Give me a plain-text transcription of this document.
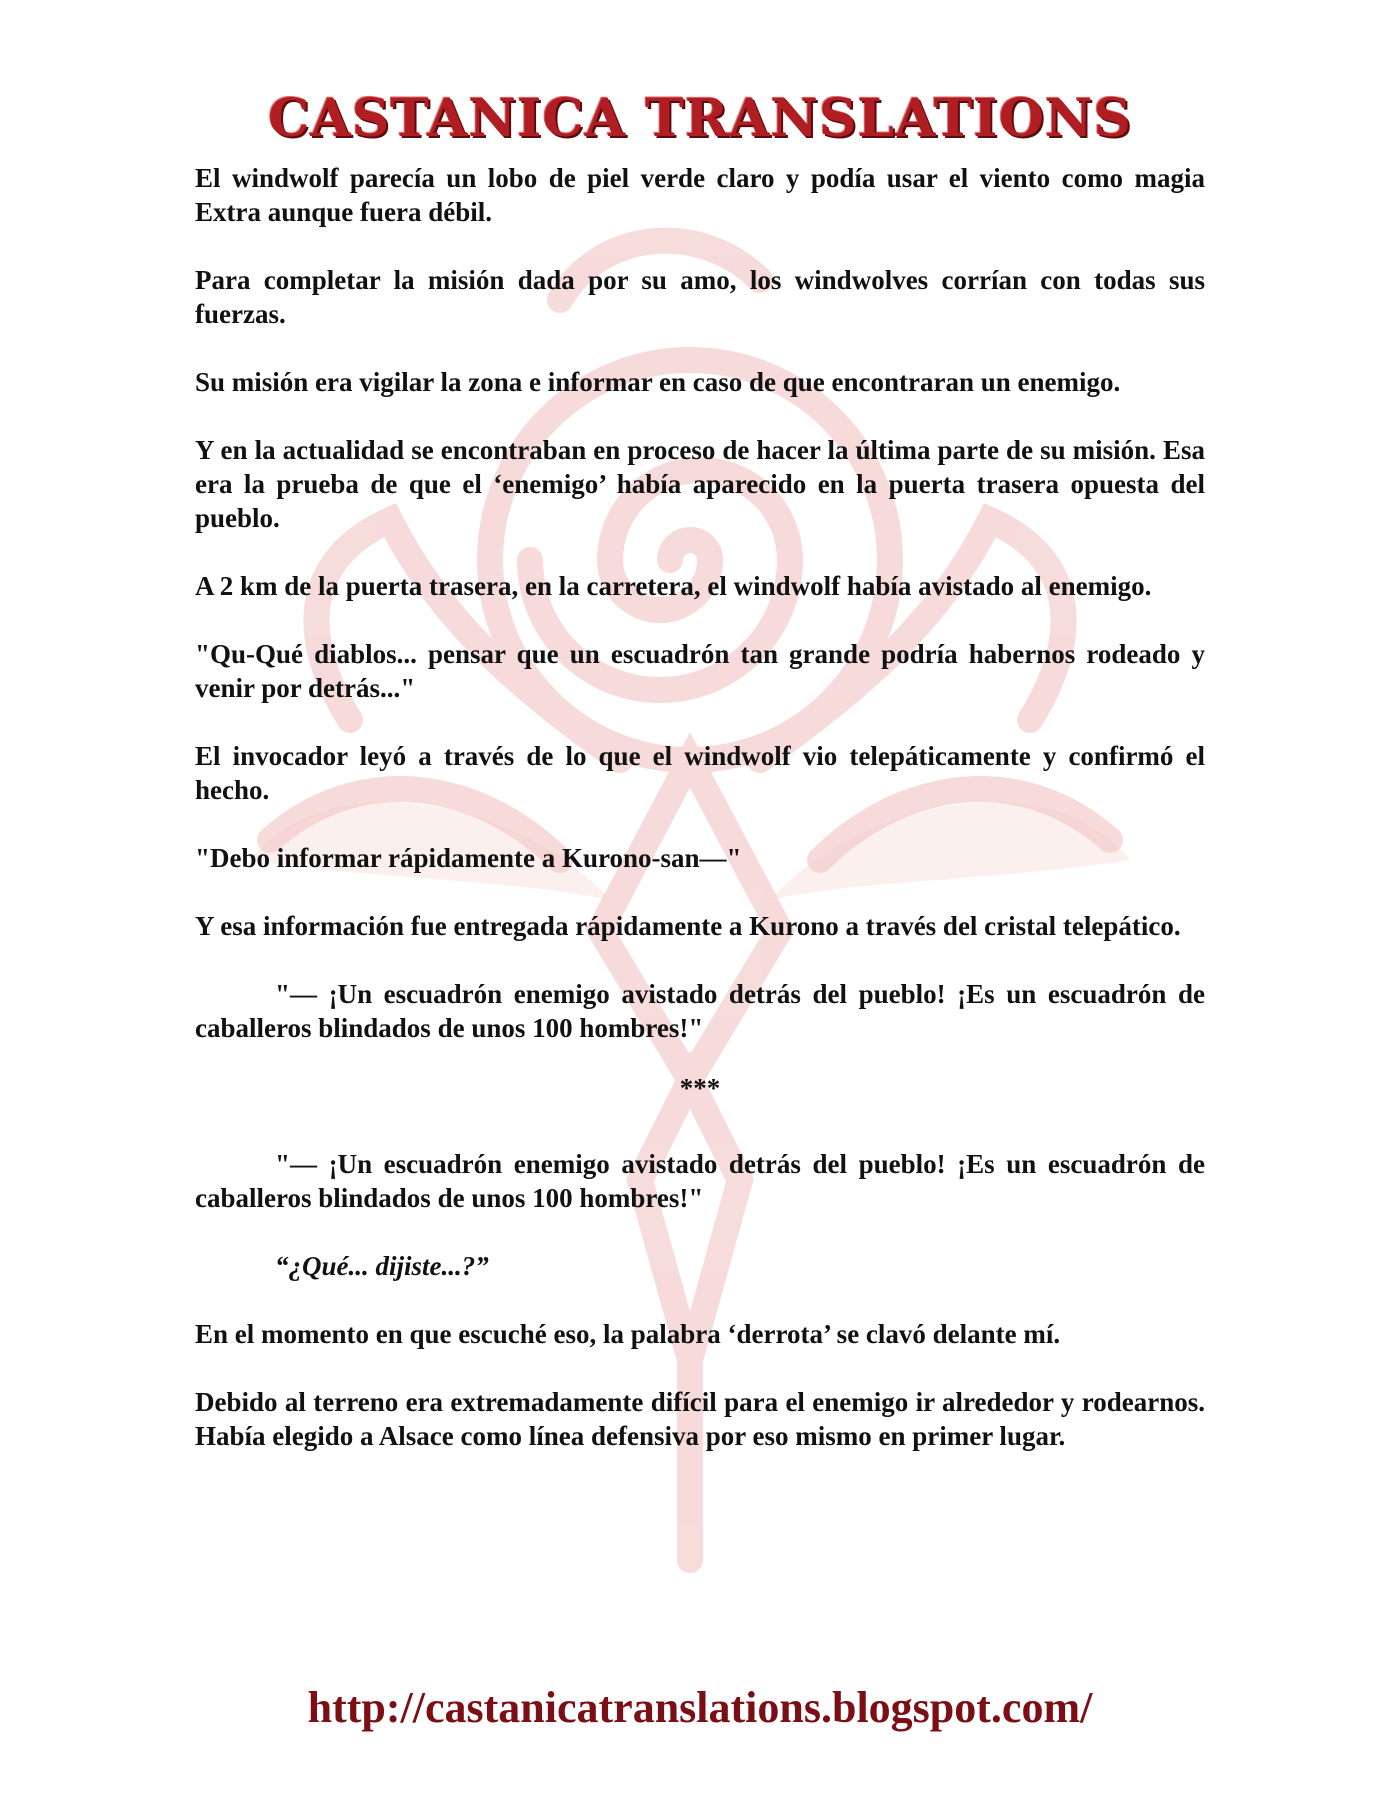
CASTANICA TRANSLATIONS

El windwolf parecía un lobo de piel verde claro y podía usar el viento como magia Extra aunque fuera débil.

Para completar la misión dada por su amo, los windwolves corrían con todas sus fuerzas.

Su misión era vigilar la zona e informar en caso de que encontraran un enemigo.

Y en la actualidad se encontraban en proceso de hacer la última parte de su misión. Esa era la prueba de que el ‘enemigo’ había aparecido en la puerta trasera opuesta del pueblo.

A 2 km de la puerta trasera, en la carretera, el windwolf había avistado al enemigo.

"Qu-Qué diablos... pensar que un escuadrón tan grande podría habernos rodeado y venir por detrás..."

El invocador leyó a través de lo que el windwolf vio telepáticamente y confirmó el hecho.

"Debo informar rápidamente a Kurono-san—"

Y esa información fue entregada rápidamente a Kurono a través del cristal telepático.

"— ¡Un escuadrón enemigo avistado detrás del pueblo! ¡Es un escuadrón de caballeros blindados de unos 100 hombres!"

***

"— ¡Un escuadrón enemigo avistado detrás del pueblo! ¡Es un escuadrón de caballeros blindados de unos 100 hombres!"

“¿Qué... dijiste...?”

En el momento en que escuché eso, la palabra ‘derrota’ se clavó delante mí.

Debido al terreno era extremadamente difícil para el enemigo ir alrededor y rodearnos. Había elegido a Alsace como línea defensiva por eso mismo en primer lugar.

http://castanicatranslations.blogspot.com/
